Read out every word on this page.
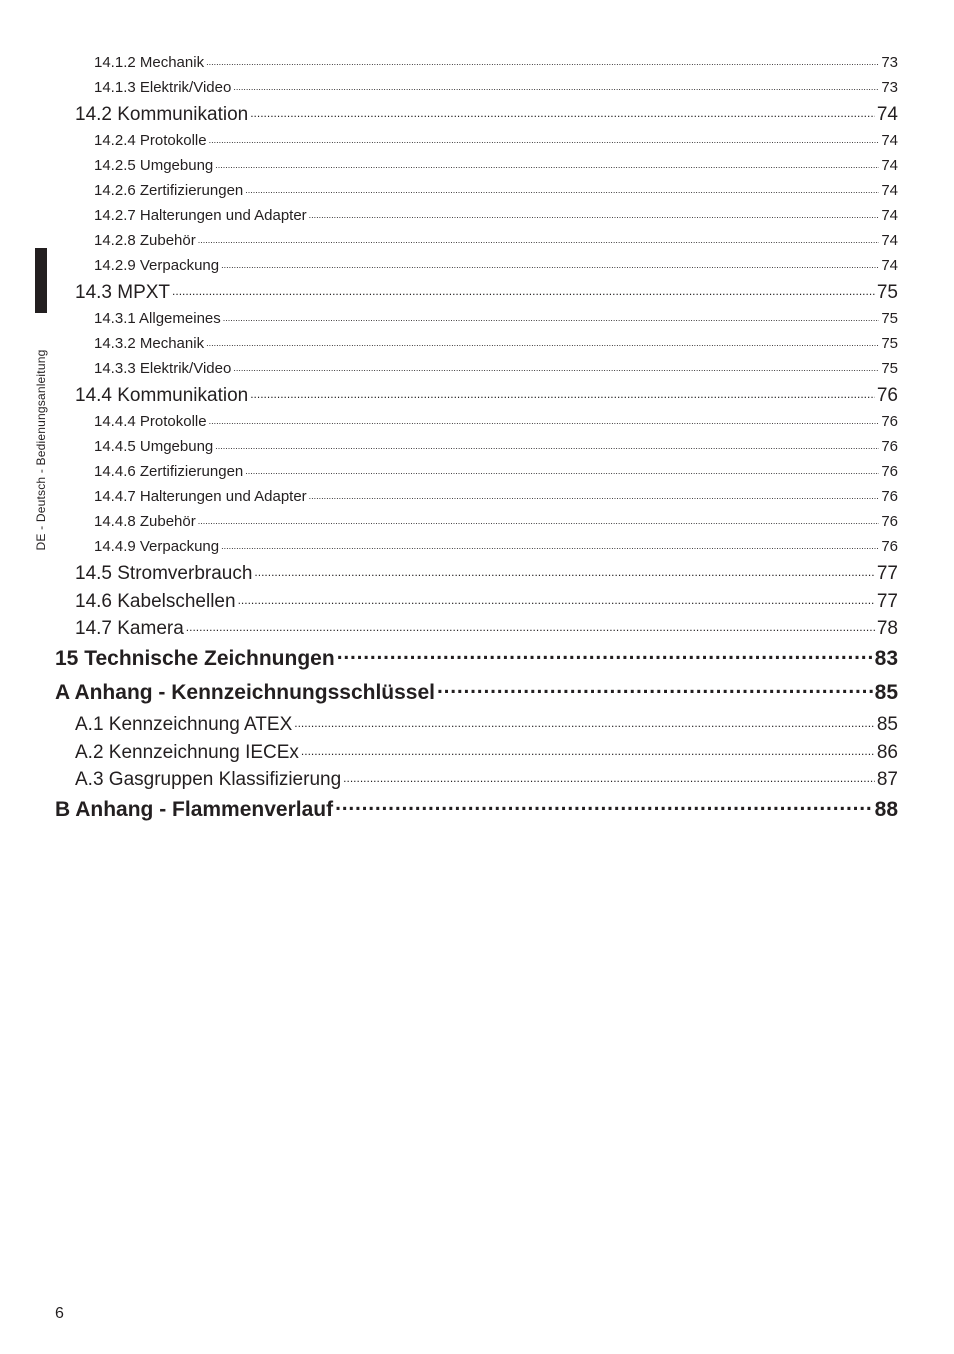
DE - Deutsch - Bedienungsanleitung
14.1.2 Mechanik .....	73
14.1.3 Elektrik/Video .....	73
14.2 Kommunikation .....	74
14.2.4 Protokolle .....	74
14.2.5 Umgebung .....	74
14.2.6 Zertifizierungen .....	74
14.2.7 Halterungen und Adapter .....	74
14.2.8 Zubehör .....	74
14.2.9 Verpackung .....	74
14.3 MPXT .....	75
14.3.1 Allgemeines .....	75
14.3.2 Mechanik .....	75
14.3.3 Elektrik/Video .....	75
14.4 Kommunikation .....	76
14.4.4 Protokolle .....	76
14.4.5 Umgebung .....	76
14.4.6 Zertifizierungen .....	76
14.4.7 Halterungen und Adapter .....	76
14.4.8 Zubehör .....	76
14.4.9 Verpackung .....	76
14.5 Stromverbrauch .....	77
14.6 Kabelschellen .....	77
14.7 Kamera .....	78
15 Technische Zeichnungen .....	83
A Anhang - Kennzeichnungsschlüssel .....	85
A.1 Kennzeichnung ATEX .....	85
A.2 Kennzeichnung IECEx .....	86
A.3 Gasgruppen Klassifizierung .....	87
B Anhang - Flammenverlauf .....	88
6
